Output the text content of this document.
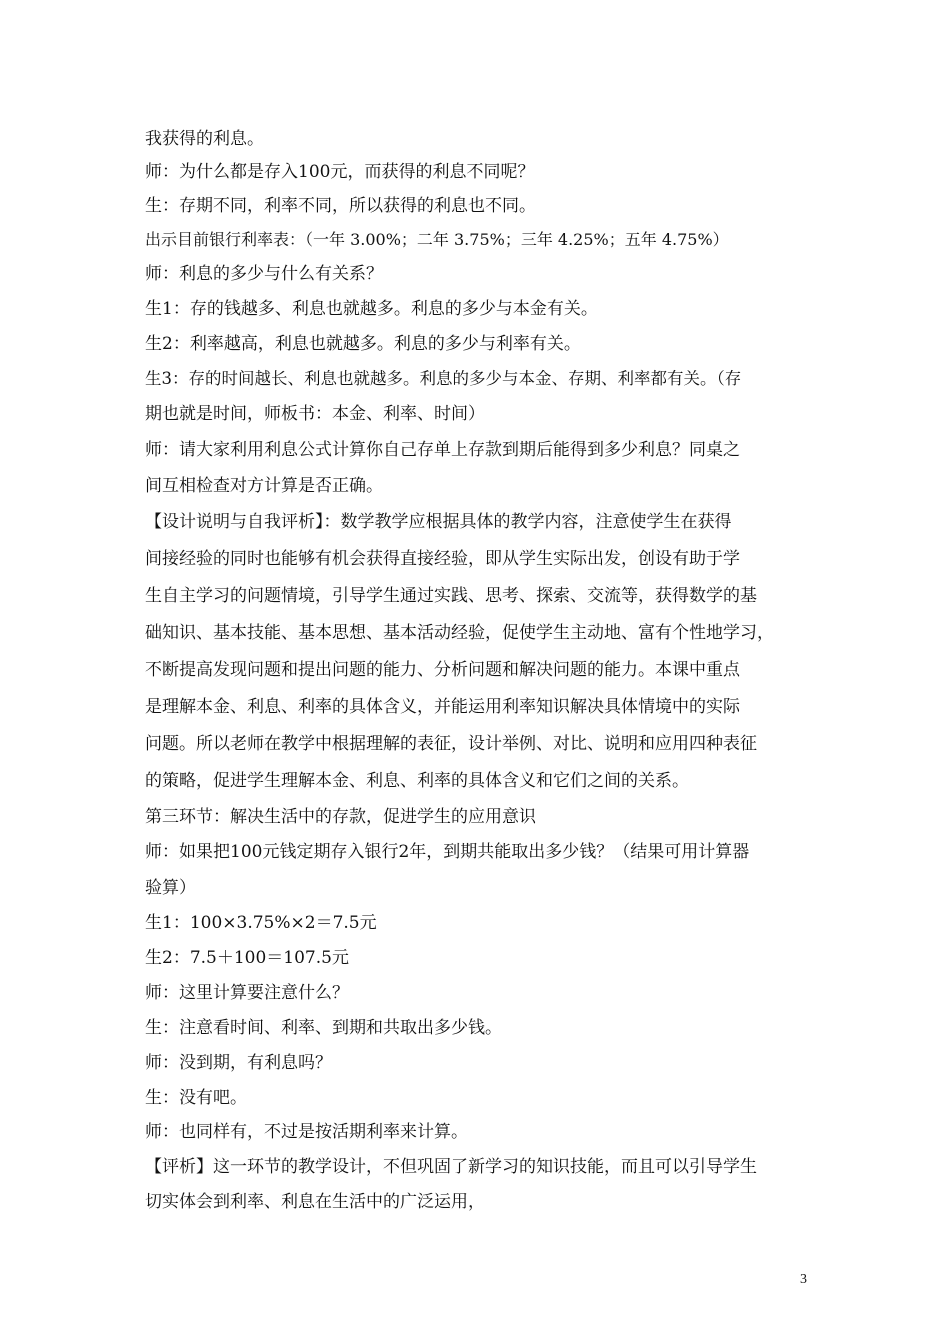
我获得的利息。
师：为什么都是存入100元，而获得的利息不同呢？
生：存期不同，利率不同，所以获得的利息也不同。
出示目前银行利率表：（一年 3.00%；二年 3.75%；三年 4.25%；五年 4.75%）
师：利息的多少与什么有关系？
生1：存的钱越多、利息也就越多。利息的多少与本金有关。
生2：利率越高，利息也就越多。利息的多少与利率有关。
生3：存的时间越长、利息也就越多。利息的多少与本金、存期、利率都有关。（存
期也就是时间，师板书：本金、利率、时间）
师：请大家利用利息公式计算你自己存单上存款到期后能得到多少利息？同桌之
间互相检查对方计算是否正确。
【设计说明与自我评析】：数学教学应根据具体的教学内容，注意使学生在获得
间接经验的同时也能够有机会获得直接经验，即从学生实际出发，创设有助于学
生自主学习的问题情境，引导学生通过实践、思考、探索、交流等，获得数学的基
础知识、基本技能、基本思想、基本活动经验，促使学生主动地、富有个性地学习，
不断提高发现问题和提出问题的能力、分析问题和解决问题的能力。本课中重点
是理解本金、利息、利率的具体含义，并能运用利率知识解决具体情境中的实际
问题。所以老师在教学中根据理解的表征，设计举例、对比、说明和应用四种表征
的策略，促进学生理解本金、利息、利率的具体含义和它们之间的关系。
第三环节：解决生活中的存款，促进学生的应用意识
师：如果把100元钱定期存入银行2年，到期共能取出多少钱？（结果可用计算器
验算）
生1：100×3.75%×2＝7.5元
生2：7.5＋100＝107.5元
师：这里计算要注意什么？
生：注意看时间、利率、到期和共取出多少钱。
师：没到期，有利息吗？
生：没有吧。
师：也同样有，不过是按活期利率来计算。
【评析】这一环节的教学设计，不但巩固了新学习的知识技能，而且可以引导学生
切实体会到利率、利息在生活中的广泛运用，
3
